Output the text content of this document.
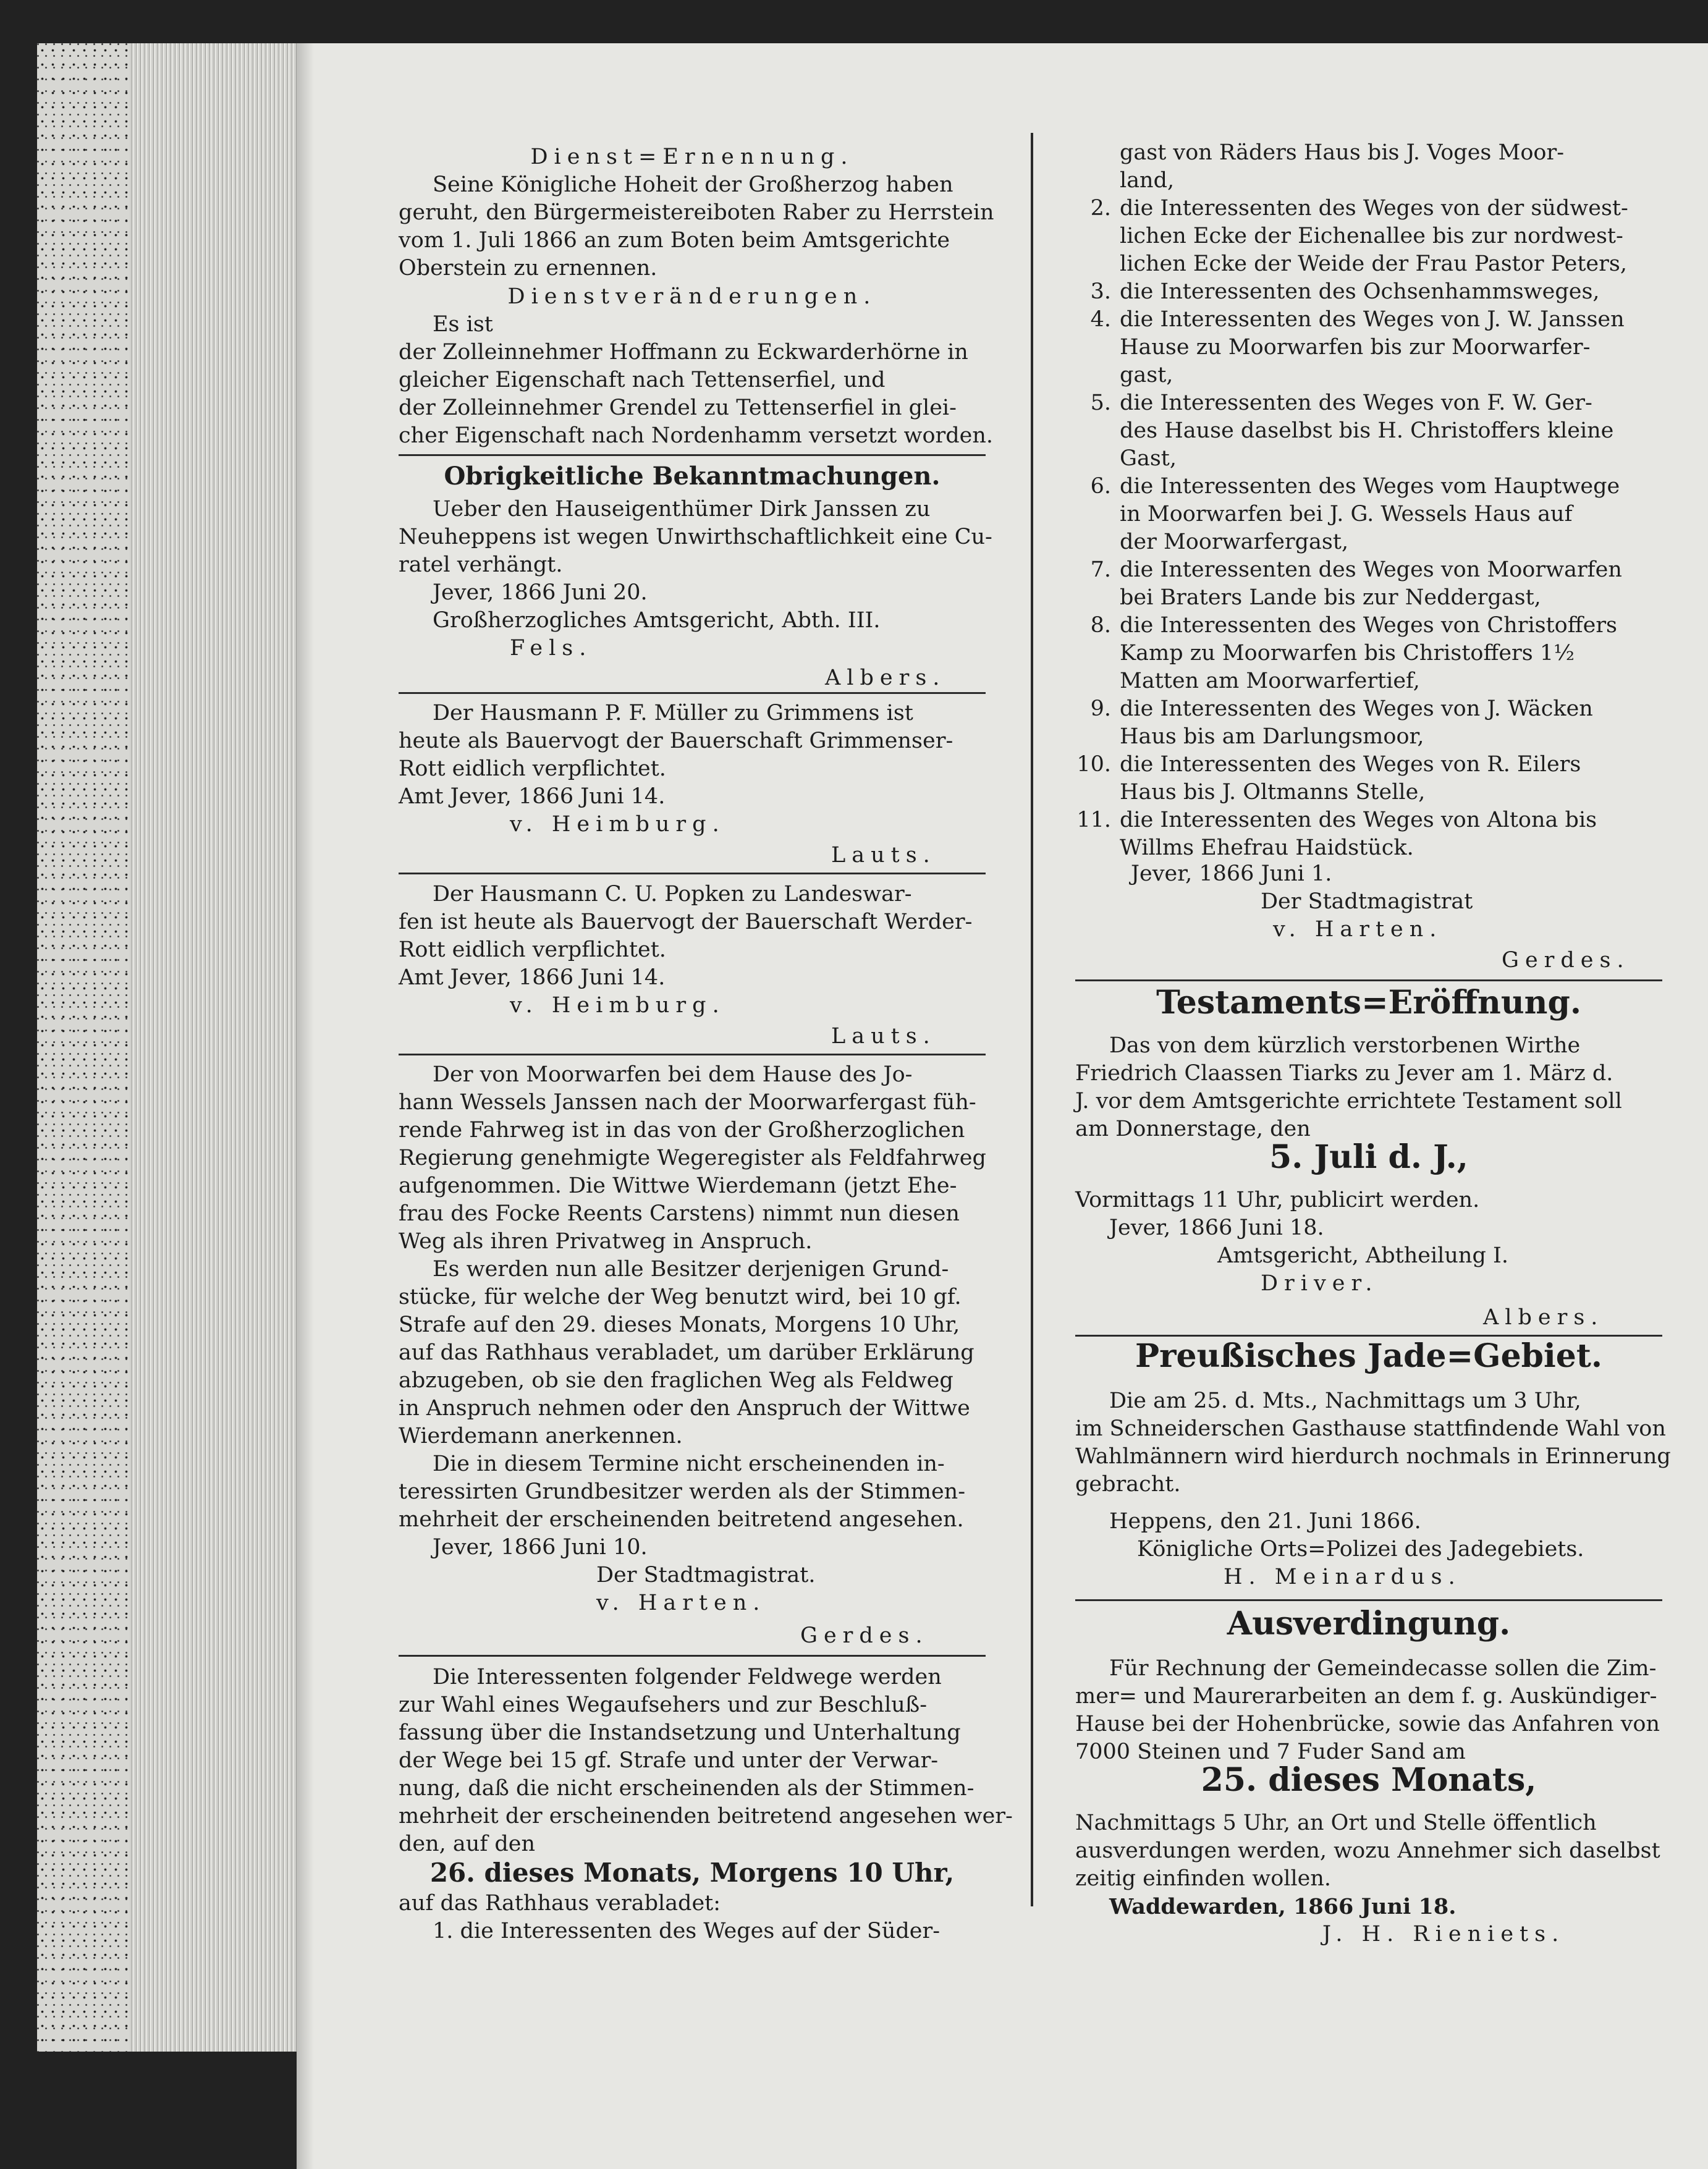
Dienst=Ernennung.
Seine Königliche Hoheit der Großherzog haben
geruht, den Bürgermeistereiboten Raber zu Herrstein
vom 1. Juli 1866 an zum Boten beim Amtsgerichte
Oberstein zu ernennen.
Dienstveränderungen.
Es ist
der Zolleinnehmer Hoffmann zu Eckwarderhörne in
gleicher Eigenschaft nach Tettenserfiel, und
der Zolleinnehmer Grendel zu Tettenserfiel in glei-
cher Eigenschaft nach Nordenhamm versetzt worden.
Obrigkeitliche Bekanntmachungen.
Ueber den Hauseigenthümer Dirk Janssen zu
Neuheppens ist wegen Unwirthschaftlichkeit eine Cu-
ratel verhängt.
Jever, 1866 Juni 20.
Großherzogliches Amtsgericht, Abth. III.
Fels.
Albers.
Der Hausmann P. F. Müller zu Grimmens ist
heute als Bauervogt der Bauerschaft Grimmenser-
Rott eidlich verpflichtet.
Amt Jever, 1866 Juni 14.
v. Heimburg.
Lauts.
Der Hausmann C. U. Popken zu Landeswar-
fen ist heute als Bauervogt der Bauerschaft Werder-
Rott eidlich verpflichtet.
Amt Jever, 1866 Juni 14.
v. Heimburg.
Lauts.
Der von Moorwarfen bei dem Hause des Jo-
hann Wessels Janssen nach der Moorwarfergast füh-
rende Fahrweg ist in das von der Großherzoglichen
Regierung genehmigte Wegeregister als Feldfahrweg
aufgenommen. Die Wittwe Wierdemann (jetzt Ehe-
frau des Focke Reents Carstens) nimmt nun diesen
Weg als ihren Privatweg in Anspruch.
Es werden nun alle Besitzer derjenigen Grund-
stücke, für welche der Weg benutzt wird, bei 10 gf.
Strafe auf den 29. dieses Monats, Morgens 10 Uhr,
auf das Rathhaus verabladet, um darüber Erklärung
abzugeben, ob sie den fraglichen Weg als Feldweg
in Anspruch nehmen oder den Anspruch der Wittwe
Wierdemann anerkennen.
Die in diesem Termine nicht erscheinenden in-
teressirten Grundbesitzer werden als der Stimmen-
mehrheit der erscheinenden beitretend angesehen.
Jever, 1866 Juni 10.
Der Stadtmagistrat.
v. Harten.
Gerdes.
Die Interessenten folgender Feldwege werden
zur Wahl eines Wegaufsehers und zur Beschluß-
fassung über die Instandsetzung und Unterhaltung
der Wege bei 15 gf. Strafe und unter der Verwar-
nung, daß die nicht erscheinenden als der Stimmen-
mehrheit der erscheinenden beitretend angesehen wer-
den, auf den
26. dieses Monats, Morgens 10 Uhr,
auf das Rathhaus verabladet:
1. die Interessenten des Weges auf der Süder-
gast von Räders Haus bis J. Voges Moor-
land,
2. die Interessenten des Weges von der südwest-
lichen Ecke der Eichenallee bis zur nordwest-
lichen Ecke der Weide der Frau Pastor Peters,
3. die Interessenten des Ochsenhammsweges,
4. die Interessenten des Weges von J. W. Janssen
Hause zu Moorwarfen bis zur Moorwarfer-
gast,
5. die Interessenten des Weges von F. W. Ger-
des Hause daselbst bis H. Christoffers kleine
Gast,
6. die Interessenten des Weges vom Hauptwege
in Moorwarfen bei J. G. Wessels Haus auf
der Moorwarfergast,
7. die Interessenten des Weges von Moorwarfen
bei Braters Lande bis zur Neddergast,
8. die Interessenten des Weges von Christoffers
Kamp zu Moorwarfen bis Christoffers 1½
Matten am Moorwarfertief,
9. die Interessenten des Weges von J. Wäcken
Haus bis am Darlungsmoor,
10. die Interessenten des Weges von R. Eilers
Haus bis J. Oltmanns Stelle,
11. die Interessenten des Weges von Altona bis
Willms Ehefrau Haidstück.
Jever, 1866 Juni 1.
Der Stadtmagistrat
v. Harten.
Gerdes.
Testaments=Eröffnung.
Das von dem kürzlich verstorbenen Wirthe
Friedrich Claassen Tiarks zu Jever am 1. März d.
J. vor dem Amtsgerichte errichtete Testament soll
am Donnerstage, den
5. Juli d. J.,
Vormittags 11 Uhr, publicirt werden.
Jever, 1866 Juni 18.
Amtsgericht, Abtheilung I.
Driver.
Albers.
Preußisches Jade=Gebiet.
Die am 25. d. Mts., Nachmittags um 3 Uhr,
im Schneiderschen Gasthause stattfindende Wahl von
Wahlmännern wird hierdurch nochmals in Erinnerung
gebracht.
Heppens, den 21. Juni 1866.
Königliche Orts=Polizei des Jadegebiets.
H. Meinardus.
Ausverdingung.
Für Rechnung der Gemeindecasse sollen die Zim-
mer= und Maurerarbeiten an dem f. g. Auskündiger-
Hause bei der Hohenbrücke, sowie das Anfahren von
7000 Steinen und 7 Fuder Sand am
25. dieses Monats,
Nachmittags 5 Uhr, an Ort und Stelle öffentlich
ausverdungen werden, wozu Annehmer sich daselbst
zeitig einfinden wollen.
Waddewarden, 1866 Juni 18.
J. H. Rieniets.
